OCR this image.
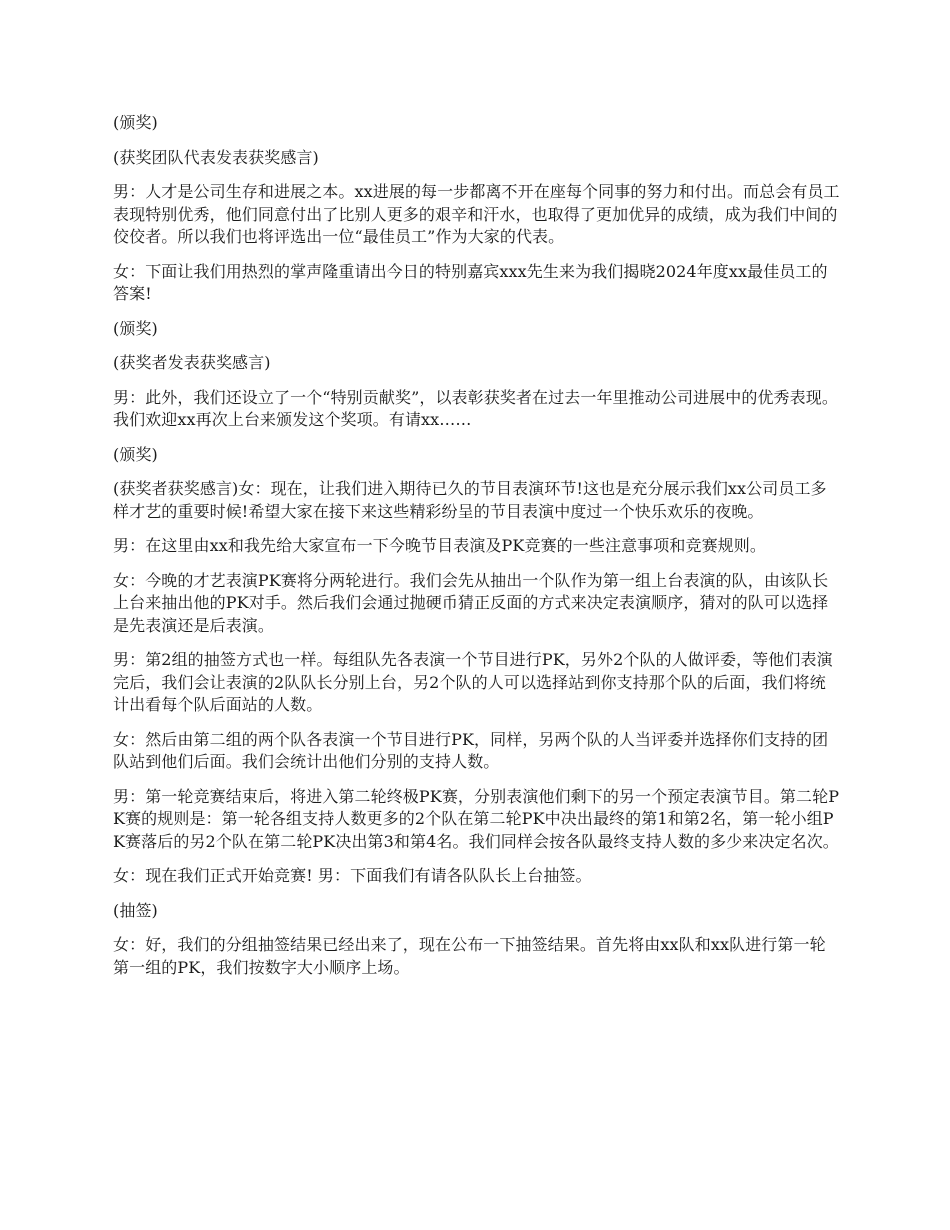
(颁奖)

(获奖团队代表发表获奖感言)

男：人才是公司生存和进展之本。xx进展的每一步都离不开在座每个同事的努力和付出。而总会有员工表现特别优秀，他们同意付出了比别人更多的艰辛和汗水，也取得了更加优异的成绩，成为我们中间的佼佼者。所以我们也将评选出一位“最佳员工”作为大家的代表。

女：下面让我们用热烈的掌声隆重请出今日的特别嘉宾xxx先生来为我们揭晓2024年度xx最佳员工的答案!

(颁奖)

(获奖者发表获奖感言)

男：此外，我们还设立了一个“特别贡献奖”，以表彰获奖者在过去一年里推动公司进展中的优秀表现。我们欢迎xx再次上台来颁发这个奖项。有请xx……

(颁奖)

(获奖者获奖感言)女：现在，让我们进入期待已久的节目表演环节!这也是充分展示我们xx公司员工多样才艺的重要时候!希望大家在接下来这些精彩纷呈的节目表演中度过一个快乐欢乐的夜晚。

男：在这里由xx和我先给大家宣布一下今晚节目表演及PK竞赛的一些注意事项和竞赛规则。

女：今晚的才艺表演PK赛将分两轮进行。我们会先从抽出一个队作为第一组上台表演的队，由该队长上台来抽出他的PK对手。然后我们会通过抛硬币猜正反面的方式来决定表演顺序，猜对的队可以选择是先表演还是后表演。

男：第2组的抽签方式也一样。每组队先各表演一个节目进行PK，另外2个队的人做评委，等他们表演完后，我们会让表演的2队队长分别上台，另2个队的人可以选择站到你支持那个队的后面，我们将统计出看每个队后面站的人数。

女：然后由第二组的两个队各表演一个节目进行PK，同样，另两个队的人当评委并选择你们支持的团队站到他们后面。我们会统计出他们分别的支持人数。

男：第一轮竞赛结束后，将进入第二轮终极PK赛，分别表演他们剩下的另一个预定表演节目。第二轮PK赛的规则是：第一轮各组支持人数更多的2个队在第二轮PK中决出最终的第1和第2名，第一轮小组PK赛落后的另2个队在第二轮PK决出第3和第4名。我们同样会按各队最终支持人数的多少来决定名次。

女：现在我们正式开始竞赛! 男：下面我们有请各队队长上台抽签。

(抽签)

女：好，我们的分组抽签结果已经出来了，现在公布一下抽签结果。首先将由xx队和xx队进行第一轮第一组的PK，我们按数字大小顺序上场。
